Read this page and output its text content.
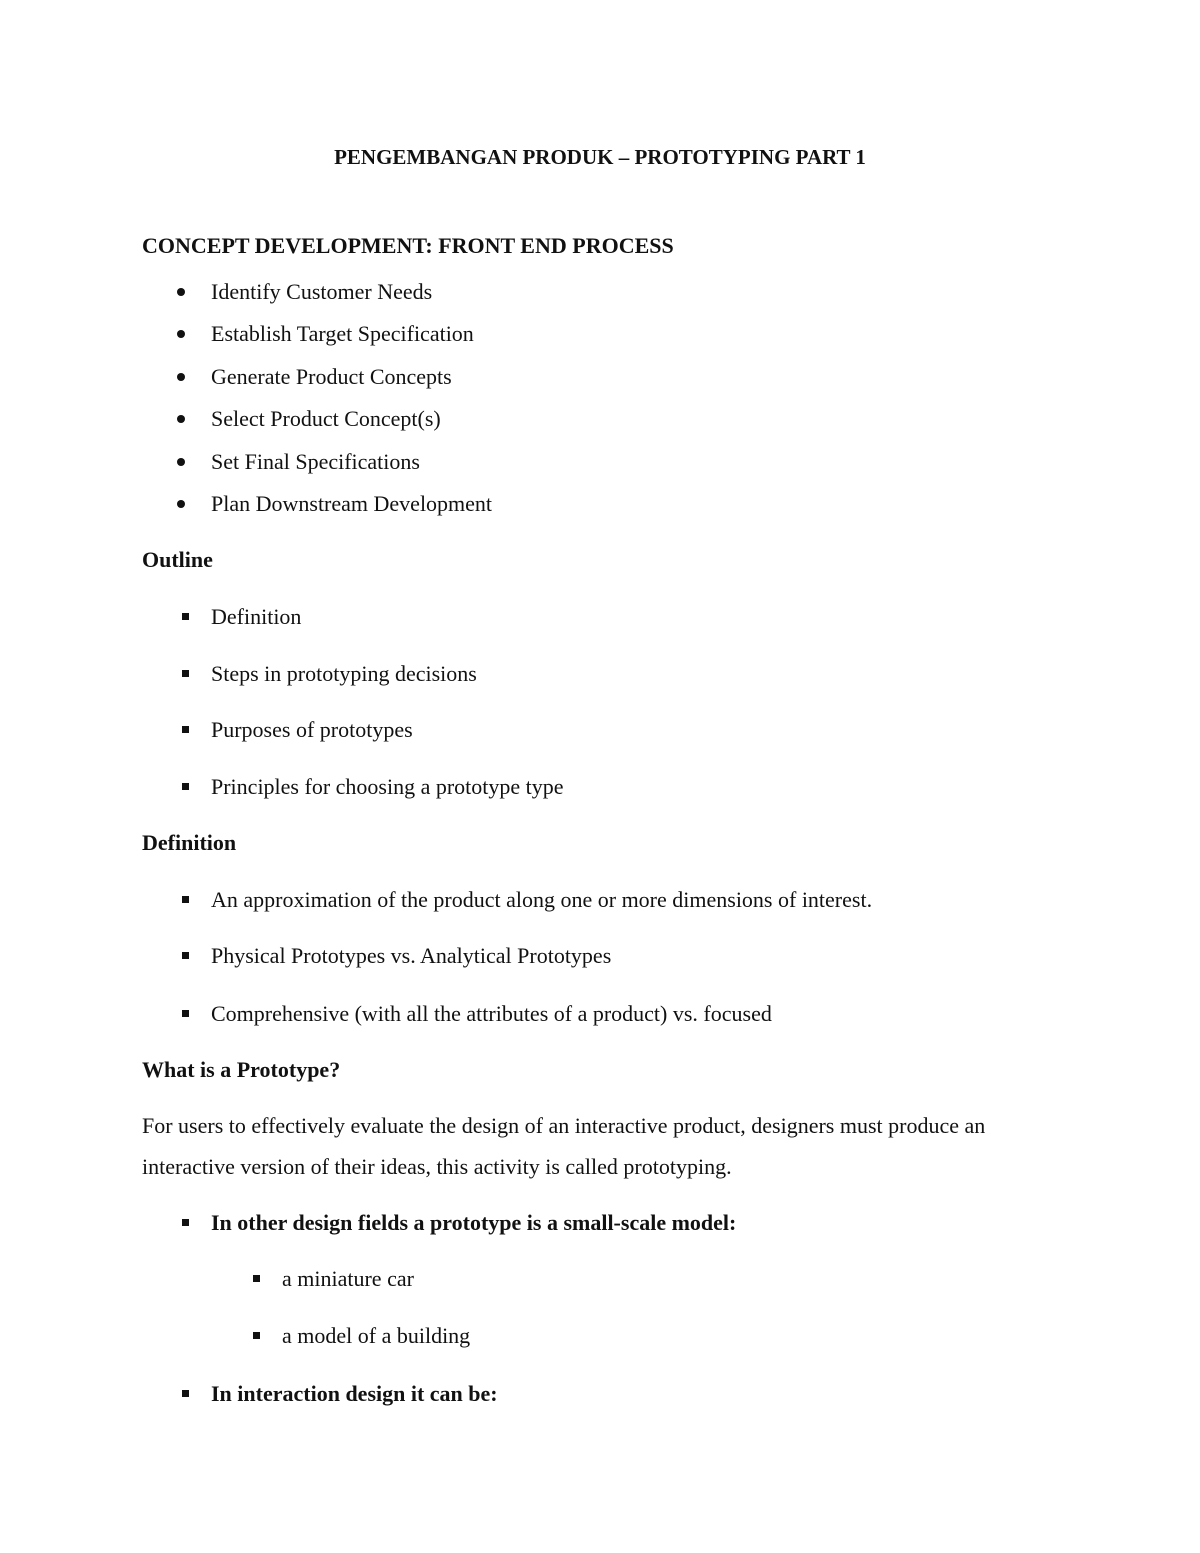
PENGEMBANGAN PRODUK – PROTOTYPING PART 1
CONCEPT DEVELOPMENT: FRONT END PROCESS
Identify Customer Needs
Establish Target Specification
Generate Product Concepts
Select Product Concept(s)
Set Final Specifications
Plan Downstream Development
Outline
Definition
Steps in prototyping decisions
Purposes of prototypes
Principles for choosing a prototype type
Definition
An approximation of the product along one or more dimensions of interest.
Physical Prototypes vs. Analytical Prototypes
Comprehensive (with all the attributes of a product) vs. focused
What is a Prototype?
For users to effectively evaluate the design of an interactive product, designers must produce an
interactive version of their ideas, this activity is called prototyping.
In other design fields a prototype is a small-scale model:
a miniature car
a model of a building
In interaction design it can be:
